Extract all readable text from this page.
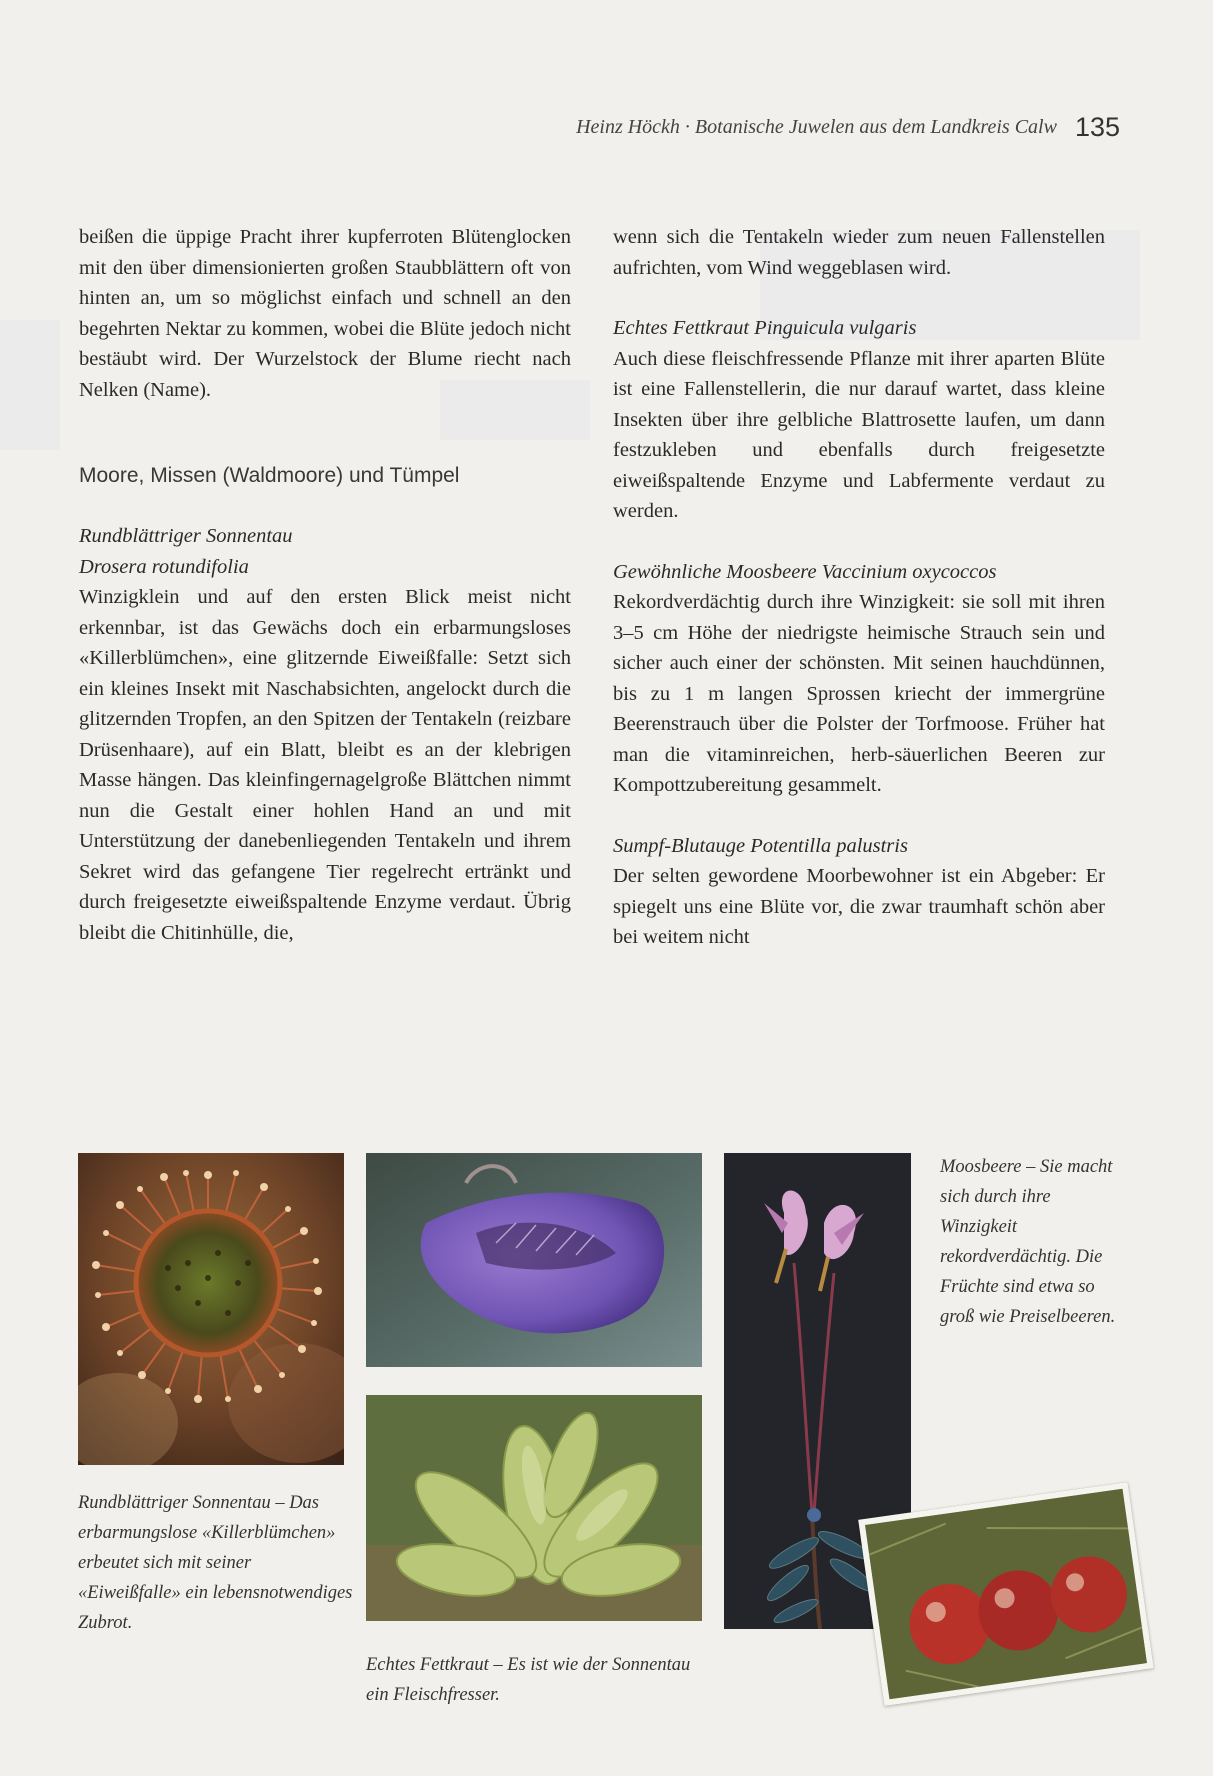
Heinz Höckh · Botanische Juwelen aus dem Landkreis Calw 135

beißen die üppige Pracht ihrer kupferroten Blütenglocken mit den über dimensionierten großen Staubblättern oft von hinten an, um so möglichst einfach und schnell an den begehrten Nektar zu kommen, wobei die Blüte jedoch nicht bestäubt wird. Der Wurzelstock der Blume riecht nach Nelken (Name).

Moore, Missen (Waldmoore) und Tümpel

Rundblättriger Sonnentau

Drosera rotundifolia

Winzigklein und auf den ersten Blick meist nicht erkennbar, ist das Gewächs doch ein erbarmungsloses «Killerblümchen», eine glitzernde Eiweißfalle: Setzt sich ein kleines Insekt mit Naschabsichten, angelockt durch die glitzernden Tropfen, an den Spitzen der Tentakeln (reizbare Drüsenhaare), auf ein Blatt, bleibt es an der klebrigen Masse hängen. Das kleinfingernagelgroße Blättchen nimmt nun die Gestalt einer hohlen Hand an und mit Unterstützung der danebenliegenden Tentakeln und ihrem Sekret wird das gefangene Tier regelrecht ertränkt und durch freigesetzte eiweißspaltende Enzyme verdaut. Übrig bleibt die Chitinhülle, die,

wenn sich die Tentakeln wieder zum neuen Fallenstellen aufrichten, vom Wind weggeblasen wird.

Echtes Fettkraut Pinguicula vulgaris

Auch diese fleischfressende Pflanze mit ihrer aparten Blüte ist eine Fallenstellerin, die nur darauf wartet, dass kleine Insekten über ihre gelbliche Blattrosette laufen, um dann festzukleben und ebenfalls durch freigesetzte eiweißspaltende Enzyme und Labfermente verdaut zu werden.

Gewöhnliche Moosbeere Vaccinium oxycoccos

Rekordverdächtig durch ihre Winzigkeit: sie soll mit ihren 3–5 cm Höhe der niedrigste heimische Strauch sein und sicher auch einer der schönsten. Mit seinen hauchdünnen, bis zu 1 m langen Sprossen kriecht der immergrüne Beerenstrauch über die Polster der Torfmoose. Früher hat man die vitaminreichen, herb-säuerlichen Beeren zur Kompottzubereitung gesammelt.

Sumpf-Blutauge Potentilla palustris

Der selten gewordene Moorbewohner ist ein Abgeber: Er spiegelt uns eine Blüte vor, die zwar traumhaft schön aber bei weitem nicht

Rundblättriger Sonnentau – Das erbarmungslose «Killerblümchen» erbeutet sich mit seiner «Eiweißfalle» ein lebensnotwendiges Zubrot.
Echtes Fettkraut – Es ist wie der Sonnentau ein Fleischfresser.
Moosbeere – Sie macht sich durch ihre Winzigkeit rekordverdächtig. Die Früchte sind etwa so groß wie Preiselbeeren.
